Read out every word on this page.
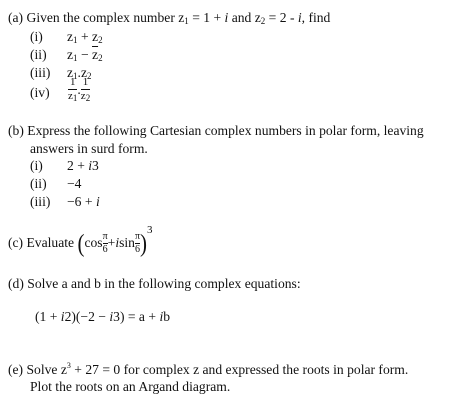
(a) Given the complex number $z_1 = 1 + i$ and $z_2 = 2 - i$, find
(i) $z_1 + z_2$
(ii) $z_1 - \overline{z}_2$
(iii) $z_1.z_2$
$(iv) \frac{1}{z_1}$ . $\frac{1}{z_2}$
(b) Express the following Cartesian complex numbers in polar form, leaving
answers in surd form.
(i) 2 + i3
(ii) −4
(iii) −6 + i
(c)
Evaluate
( $\cos \frac{\pi}{6} + i$ $\sin \frac{\pi}{6}$ ) 3
(d) Solve a and b in the following complex equations:
(1 + i2)(−2 − i3) = a + ib
(e) Solve $z^3 + 27 = 0$ for complex z and expressed the roots in polar form.
Plot the roots on an Argand diagram.
